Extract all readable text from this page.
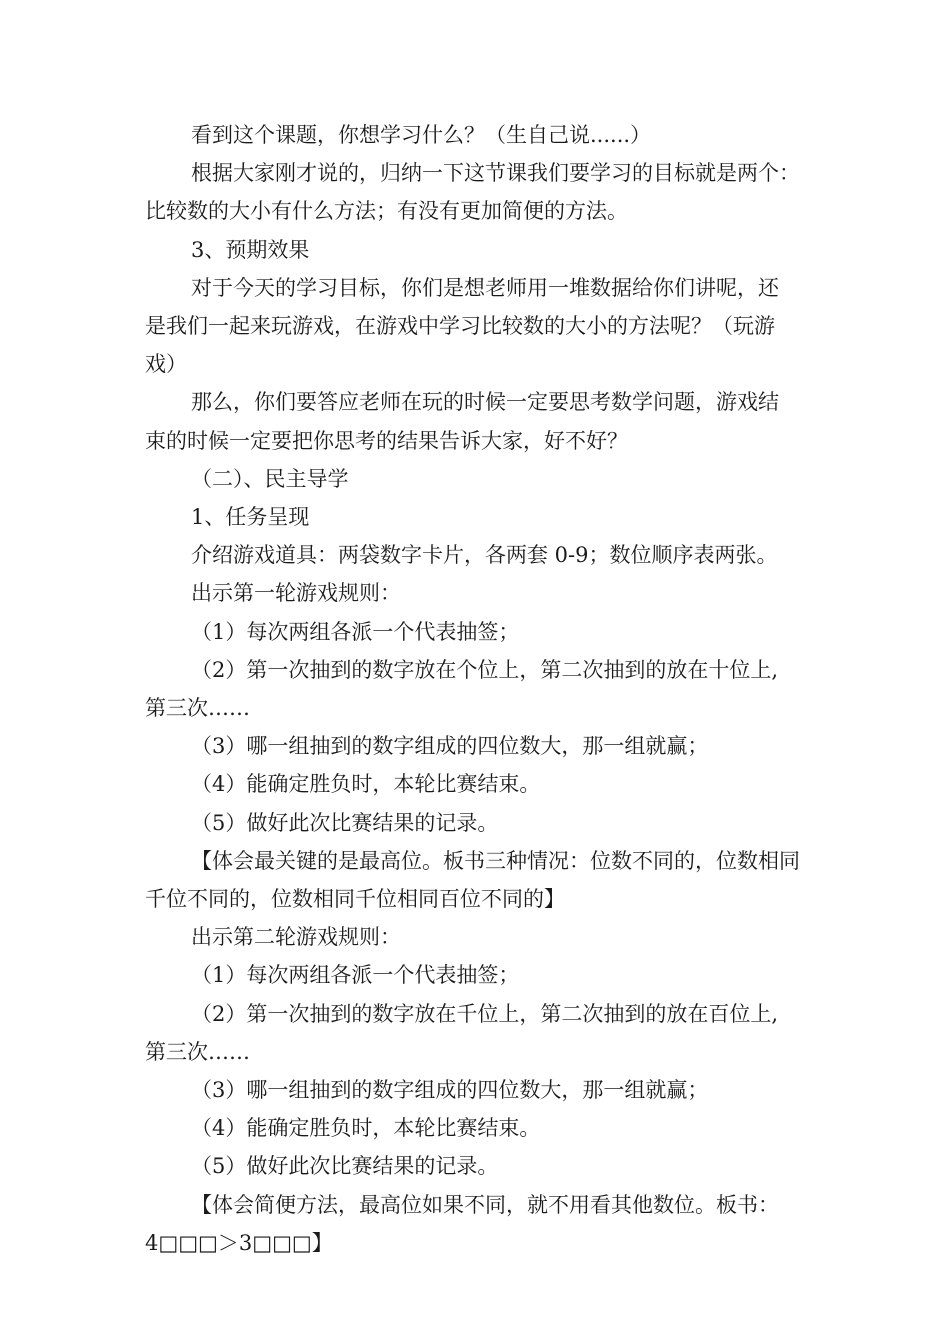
看到这个课题，你想学习什么？（生自己说......）

根据大家刚才说的，归纳一下这节课我们要学习的目标就是两个：

比较数的大小有什么方法；有没有更加简便的方法。

3、预期效果

对于今天的学习目标，你们是想老师用一堆数据给你们讲呢，还

是我们一起来玩游戏，在游戏中学习比较数的大小的方法呢？（玩游

戏）

那么，你们要答应老师在玩的时候一定要思考数学问题，游戏结

束的时候一定要把你思考的结果告诉大家，好不好？

（二）、民主导学

1、任务呈现

介绍游戏道具：两袋数字卡片，各两套 0-9；数位顺序表两张。

出示第一轮游戏规则：

（1）每次两组各派一个代表抽签；

（2）第一次抽到的数字放在个位上，第二次抽到的放在十位上,

第三次……

（3）哪一组抽到的数字组成的四位数大，那一组就赢；

（4）能确定胜负时，本轮比赛结束。

（5）做好此次比赛结果的记录。

【体会最关键的是最高位。板书三种情况：位数不同的，位数相同

千位不同的，位数相同千位相同百位不同的】

出示第二轮游戏规则：

（1）每次两组各派一个代表抽签；

（2）第一次抽到的数字放在千位上，第二次抽到的放在百位上,

第三次……

（3）哪一组抽到的数字组成的四位数大，那一组就赢；

（4）能确定胜负时，本轮比赛结束。

（5）做好此次比赛结果的记录。

【体会简便方法，最高位如果不同，就不用看其他数位。板书：

4□□□＞3□□□】
